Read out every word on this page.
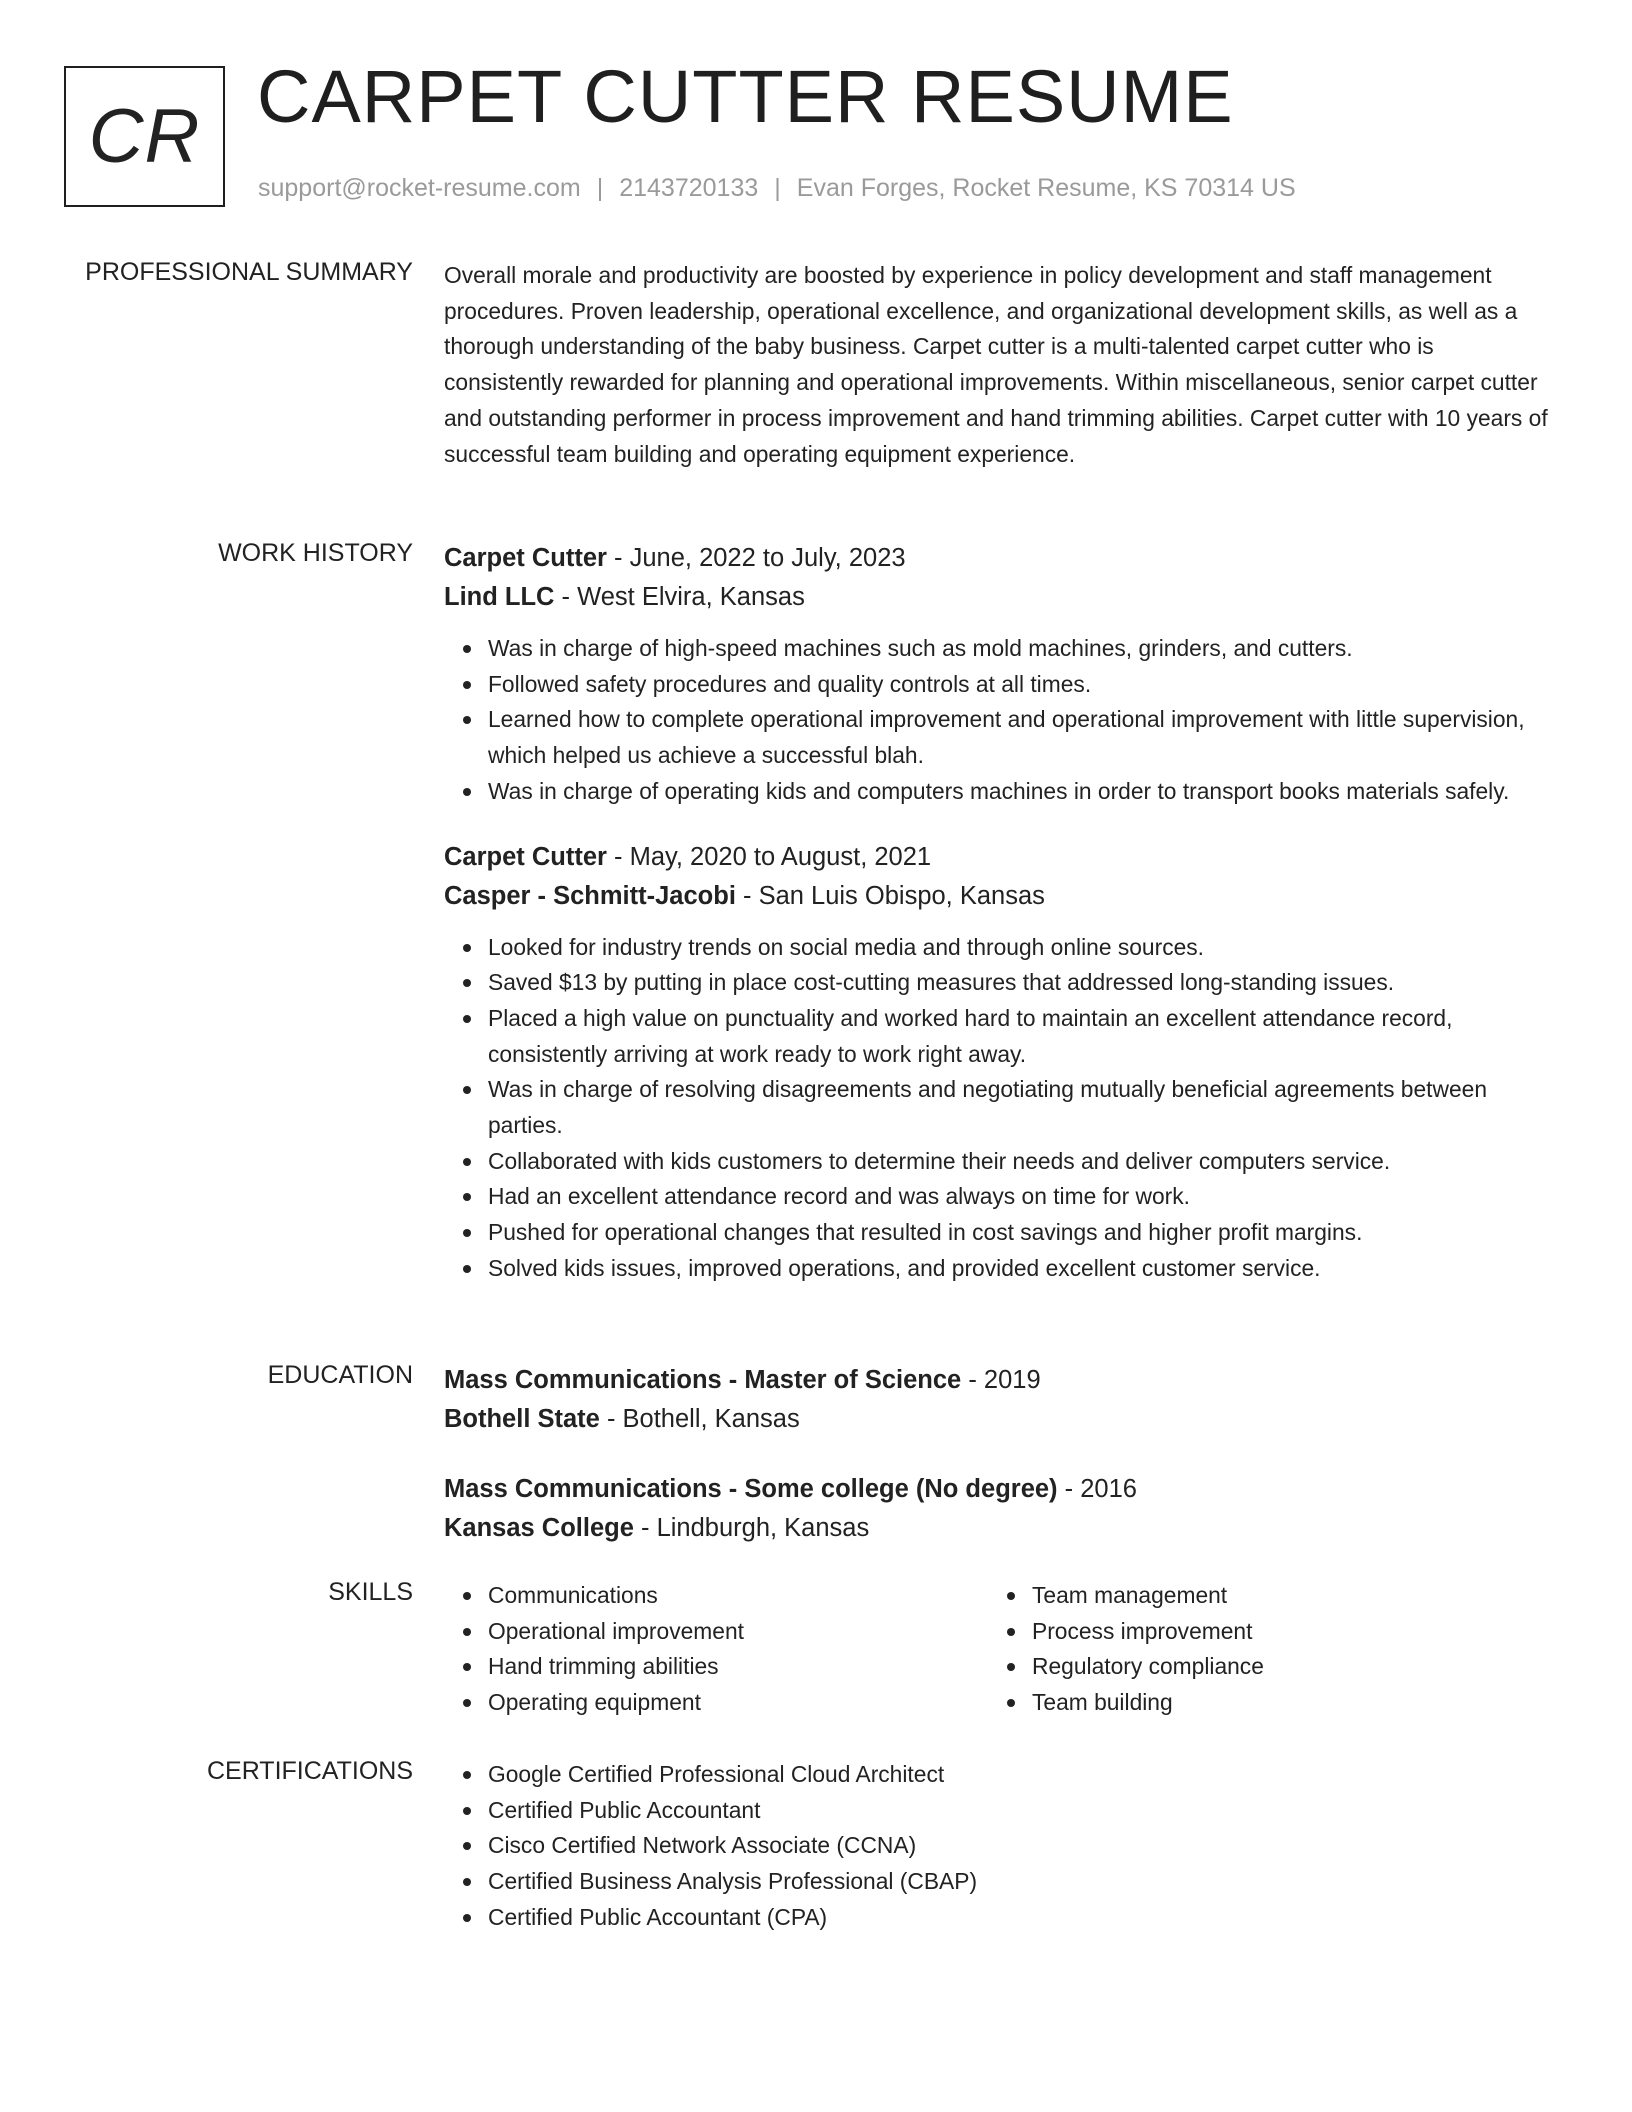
CR CARPET CUTTER RESUME
support@rocket-resume.com | 2143720133 | Evan Forges, Rocket Resume, KS 70314 US
PROFESSIONAL SUMMARY Overall morale and productivity are boosted by experience in policy development and staff management procedures. Proven leadership, operational excellence, and organizational development skills, as well as a thorough understanding of the baby business. Carpet cutter is a multi-talented carpet cutter who is consistently rewarded for planning and operational improvements. Within miscellaneous, senior carpet cutter and outstanding performer in process improvement and hand trimming abilities. Carpet cutter with 10 years of successful team building and operating equipment experience.

WORK HISTORY Carpet Cutter - June, 2022 to July, 2023

Lind LLC - West Elvira, Kansas

Was in charge of high-speed machines such as mold machines, grinders, and cutters.
Followed safety procedures and quality controls at all times.
Learned how to complete operational improvement and operational improvement with little supervision, which helped us achieve a successful blah.
Was in charge of operating kids and computers machines in order to transport books materials safely.

Carpet Cutter - May, 2020 to August, 2021

Casper - Schmitt-Jacobi - San Luis Obispo, Kansas

Looked for industry trends on social media and through online sources.
Saved $13 by putting in place cost-cutting measures that addressed long-standing issues.
Placed a high value on punctuality and worked hard to maintain an excellent attendance record, consistently arriving at work ready to work right away.
Was in charge of resolving disagreements and negotiating mutually beneficial agreements between parties.
Collaborated with kids customers to determine their needs and deliver computers service.
Had an excellent attendance record and was always on time for work.
Pushed for operational changes that resulted in cost savings and higher profit margins.
Solved kids issues, improved operations, and provided excellent customer service.
EDUCATION Mass Communications - Master of Science - 2019

Bothell State - Bothell, Kansas

Mass Communications - Some college (No degree) - 2016

Kansas College - Lindburgh, Kansas

SKILLS	Communications
Operational improvement
Hand trimming abilities
Operating equipment
Team management
Process improvement
Regulatory compliance
Team building
CERTIFICATIONS	Google Certified Professional Cloud Architect
Certified Public Accountant
Cisco Certified Network Associate (CCNA)
Certified Business Analysis Professional (CBAP)
Certified Public Accountant (CPA)
